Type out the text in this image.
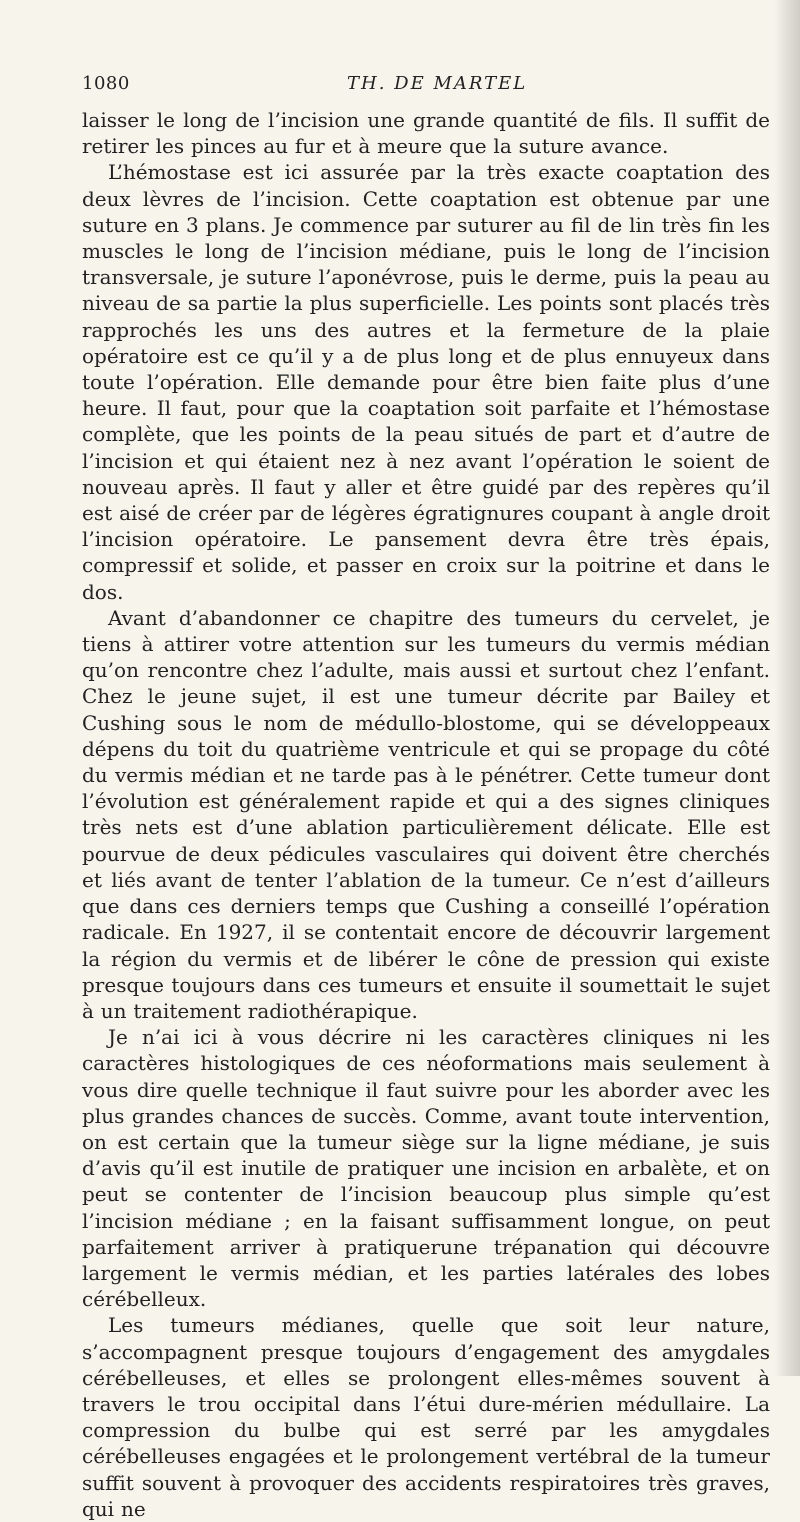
1080	TH. DE MARTEL

laisser le long de l’incision une grande quantité de fils. Il suffit de retirer les pinces au fur et à meure que la suture avance.

L’hémostase est ici assurée par la très exacte coaptation des deux lèvres de l’incision. Cette coaptation est obtenue par une suture en 3 plans. Je commence par suturer au fil de lin très fin les muscles le long de l’incision médiane, puis le long de l’incision transversale, je suture l’aponévrose, puis le derme, puis la peau au niveau de sa partie la plus superficielle. Les points sont placés très rapprochés les uns des autres et la fermeture de la plaie opératoire est ce qu’il y a de plus long et de plus ennuyeux dans toute l’opération. Elle demande pour être bien faite plus d’une heure. Il faut, pour que la coaptation soit parfaite et l’hémostase complète, que les points de la peau situés de part et d’autre de l’incision et qui étaient nez à nez avant l’opération le soient de nouveau après. Il faut y aller et être guidé par des repères qu’il est aisé de créer par de légères égratignures coupant à angle droit l’incision opératoire. Le pansement devra être très épais, compressif et solide, et passer en croix sur la poitrine et dans le dos.

Avant d’abandonner ce chapitre des tumeurs du cervelet, je tiens à attirer votre attention sur les tumeurs du vermis médian qu’on rencontre chez l’adulte, mais aussi et surtout chez l’enfant. Chez le jeune sujet, il est une tumeur décrite par Bailey et Cushing sous le nom de médullo-blostome, qui se développeaux dépens du toit du quatrième ventricule et qui se propage du côté du vermis médian et ne tarde pas à le pénétrer. Cette tumeur dont l’évolution est généralement rapide et qui a des signes cliniques très nets est d’une ablation particulièrement délicate. Elle est pourvue de deux pédicules vasculaires qui doivent être cherchés et liés avant de tenter l’ablation de la tumeur. Ce n’est d’ailleurs que dans ces derniers temps que Cushing a conseillé l’opération radicale. En 1927, il se contentait encore de découvrir largement la région du vermis et de libérer le cône de pression qui existe presque toujours dans ces tumeurs et ensuite il soumettait le sujet à un traitement radiothérapique.

Je n’ai ici à vous décrire ni les caractères cliniques ni les caractères histologiques de ces néoformations mais seulement à vous dire quelle technique il faut suivre pour les aborder avec les plus grandes chances de succès. Comme, avant toute intervention, on est certain que la tumeur siège sur la ligne médiane, je suis d’avis qu’il est inutile de pratiquer une incision en arbalète, et on peut se contenter de l’incision beaucoup plus simple qu’est l’incision médiane ; en la faisant suffisamment longue, on peut parfaitement arriver à pratiquerune trépanation qui découvre largement le vermis médian, et les parties latérales des lobes cérébelleux.

Les tumeurs médianes, quelle que soit leur nature, s’accompagnent presque toujours d’engagement des amygdales cérébelleuses, et elles se prolongent elles-mêmes souvent à travers le trou occipital dans l’étui dure-mérien médullaire. La compression du bulbe qui est serré par les amygdales cérébelleuses engagées et le prolongement vertébral de la tumeur suffit souvent à provoquer des accidents respiratoires très graves, qui ne
